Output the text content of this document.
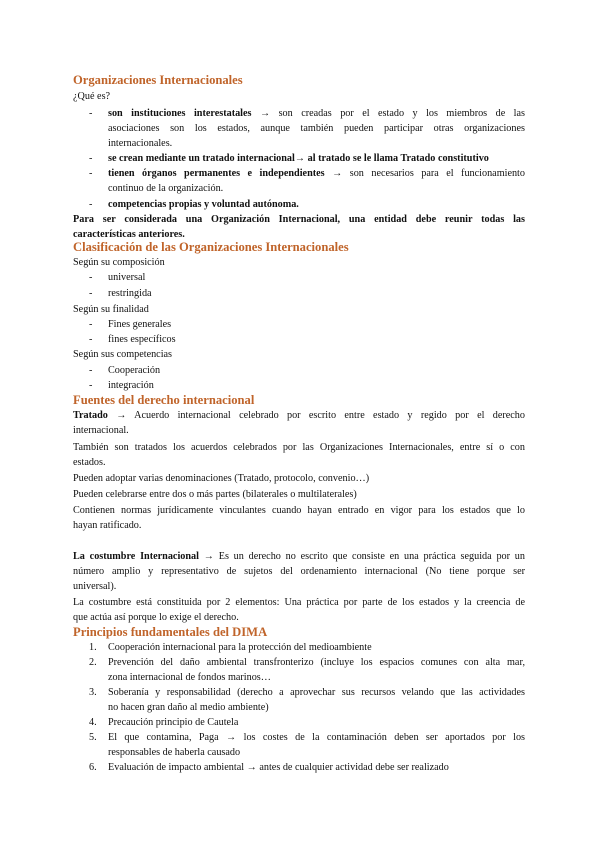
Organizaciones Internacionales
¿Qué es?
- son instituciones interestatales → son creadas por el estado y los miembros de las
asociaciones son los estados, aunque también pueden participar otras organizaciones
internacionales.
- se crean mediante un tratado internacional→ al tratado se le llama Tratado constitutivo
- tienen órganos permanentes e independientes → son necesarios para el funcionamiento
continuo de la organización.
- competencias propias y voluntad autónoma.
Para ser considerada una Organización Internacional, una entidad debe reunir todas las
características anteriores.
Clasificación de las Organizaciones Internacionales
Según su composición
- universal
- restringida
Según su finalidad
- Fines generales
- fines específicos
Según sus competencias
- Cooperación
- integración
Fuentes del derecho internacional
Tratado → Acuerdo internacional celebrado por escrito entre estado y regido por el derecho
internacional.
También son tratados los acuerdos celebrados por las Organizaciones Internacionales, entre sí o con
estados.
Pueden adoptar varias denominaciones (Tratado, protocolo, convenio…)
Pueden celebrarse entre dos o más partes (bilaterales o multilaterales)
Contienen normas jurídicamente vinculantes cuando hayan entrado en vigor para los estados que lo
hayan ratificado.
La costumbre Internacional → Es un derecho no escrito que consiste en una práctica seguida por un
número amplio y representativo de sujetos del ordenamiento internacional (No tiene porque ser
universal).
La costumbre está constituida por 2 elementos: Una práctica por parte de los estados y la creencia de
que actúa así porque lo exige el derecho.
Principios fundamentales del DIMA
1. Cooperación internacional para la protección del medioambiente
2. Prevención del daño ambiental transfronterizo (incluye los espacios comunes con alta mar,
zona internacional de fondos marinos…
3. Soberanía y responsabilidad (derecho a aprovechar sus recursos velando que las actividades
no hacen gran daño al medio ambiente)
4. Precaución principio de Cautela
5. El que contamina, Paga → los costes de la contaminación deben ser aportados por los
responsables de haberla causado
6. Evaluación de impacto ambiental → antes de cualquier actividad debe ser realizado
